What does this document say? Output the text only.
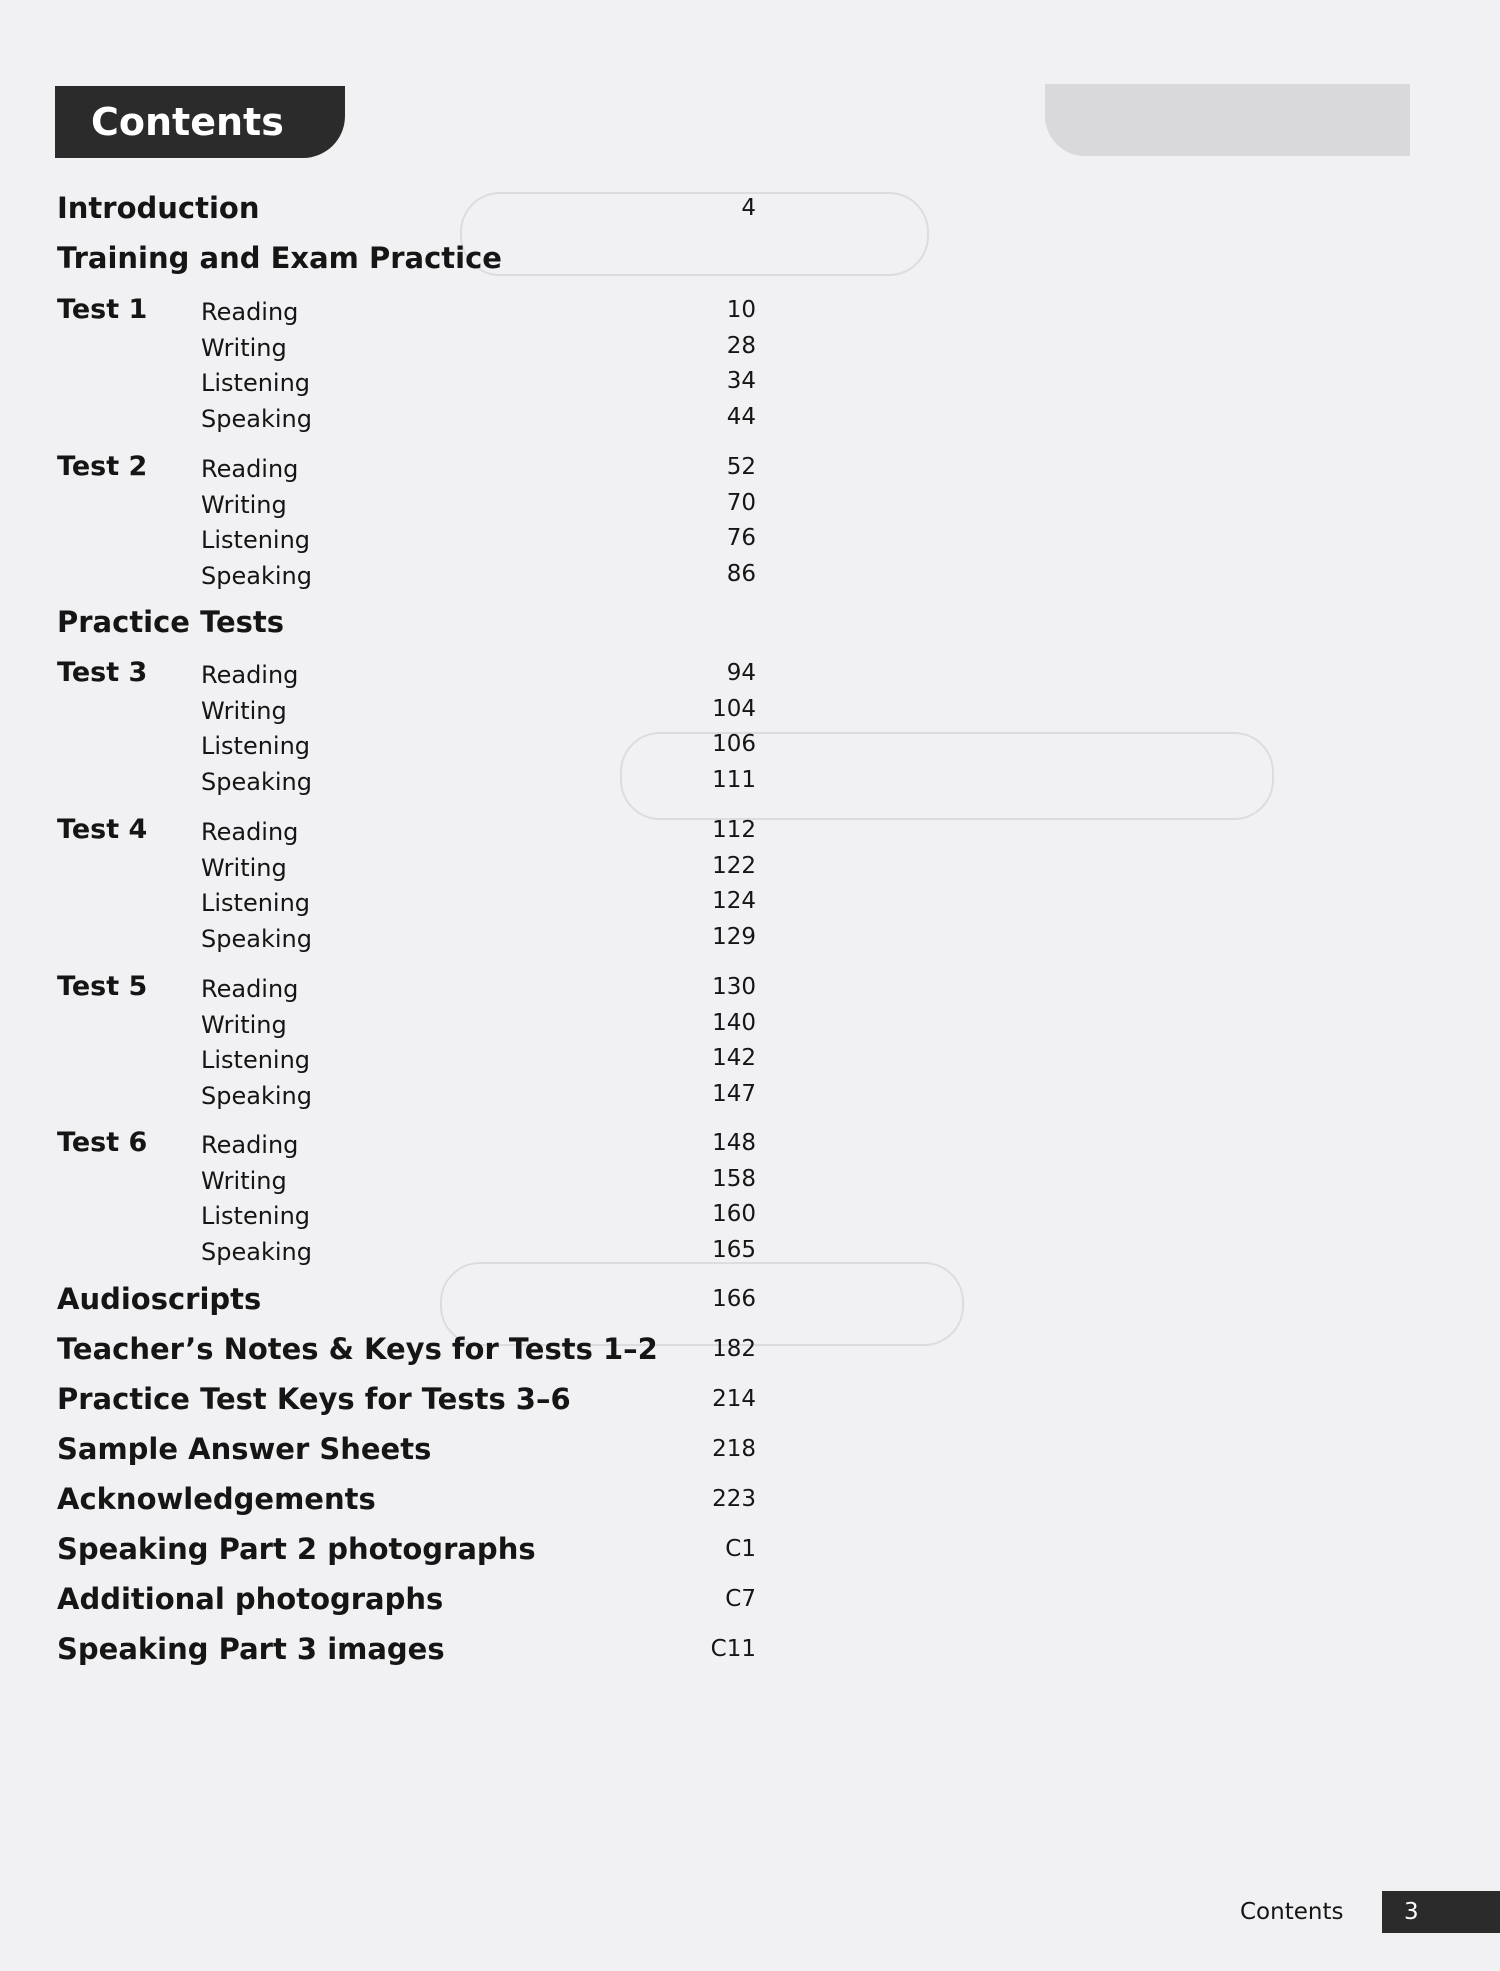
Contents
Introduction	4
Training and Exam Practice
Test 1 Reading	10
Writing	28
Listening	34
Speaking	44
Test 2 Reading	52
Writing	70
Listening	76
Speaking	86
Practice Tests
Test 3 Reading	94
Writing	104
Listening	106
Speaking	111
Test 4 Reading	112
Writing	122
Listening	124
Speaking	129
Test 5 Reading	130
Writing	140
Listening	142
Speaking	147
Test 6 Reading	148
Writing	158
Listening	160
Speaking	165
Audioscripts	166
Teacher’s Notes & Keys for Tests 1–2 182
Practice Test Keys for Tests 3–6	214
Sample Answer Sheets	218
Acknowledgements	223
Speaking Part 2 photographs	C1
Additional photographs	C7
Speaking Part 3 images	C11
Contents	3
